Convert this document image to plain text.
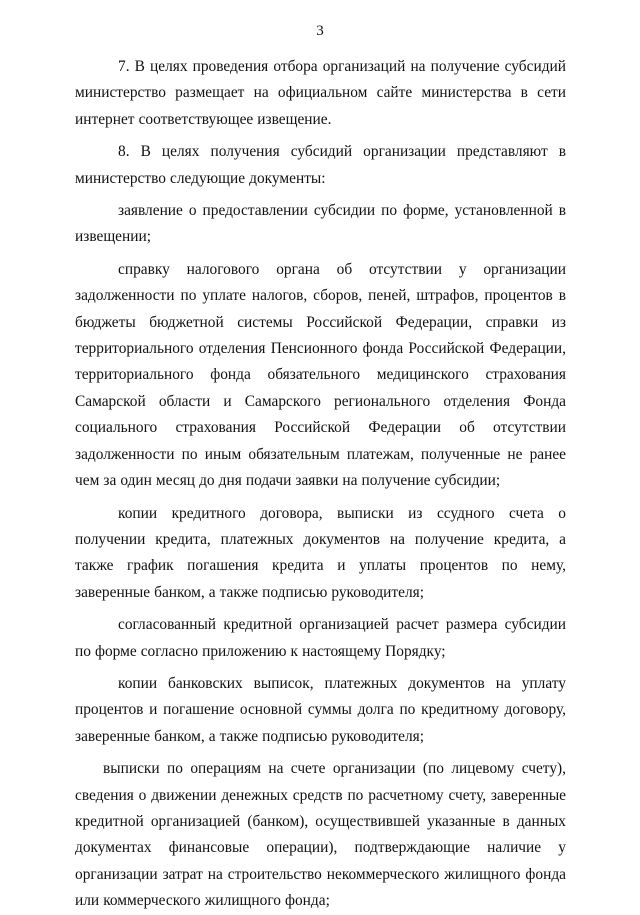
3

7. В целях проведения отбора организаций на получение субсидий министерство размещает на официальном сайте министерства в сети интернет соответствующее извещение.

8. В целях получения субсидий организации представляют в министерство следующие документы:

заявление о предоставлении субсидии по форме, установленной в извещении;

справку налогового органа об отсутствии у организации задолженности по уплате налогов, сборов, пеней, штрафов, процентов в бюджеты бюджетной системы Российской Федерации, справки из территориального отделения Пенсионного фонда Российской Федерации, территориального фонда обязательного медицинского страхования Самарской области и Самарского регионального отделения Фонда социального страхования Российской Федерации об отсутствии задолженности по иным обязательным платежам, полученные не ранее чем за один месяц до дня подачи заявки на получение субсидии;

копии кредитного договора, выписки из ссудного счета о получении кредита, платежных документов на получение кредита, а также график погашения кредита и уплаты процентов по нему, заверенные банком, а также подписью руководителя;

согласованный кредитной организацией расчет размера субсидии по форме согласно приложению к настоящему Порядку;

копии банковских выписок, платежных документов на уплату процентов и погашение основной суммы долга по кредитному договору, заверенные банком, а также подписью руководителя;

выписки по операциям на счете организации (по лицевому счету), сведения о движении денежных средств по расчетному счету, заверенные кредитной организацией (банком), осуществившей указанные в данных документах финансовые операции), подтверждающие наличие у организации затрат на строительство некоммерческого жилищного фонда или коммерческого жилищного фонда;
